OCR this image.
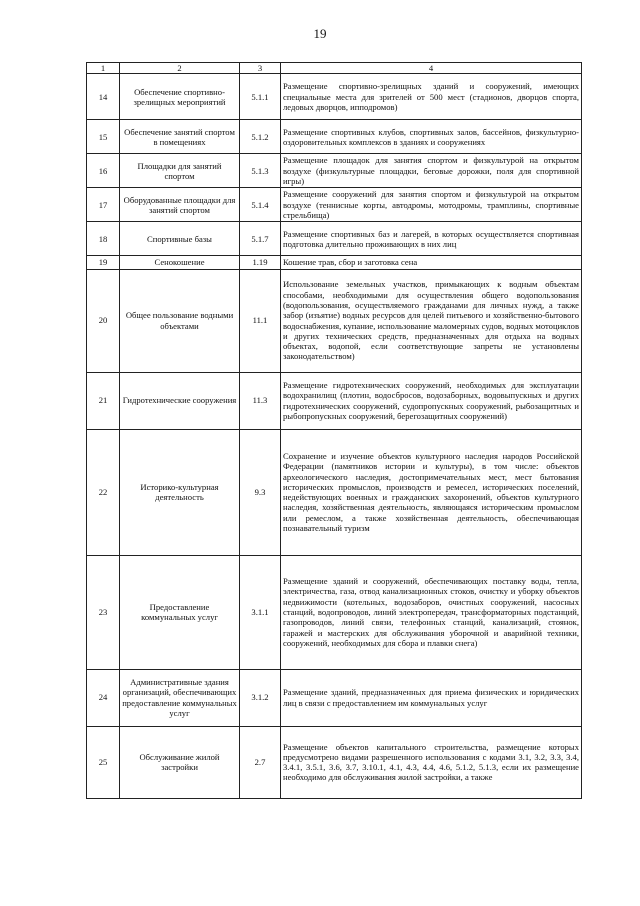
19
1	2	3	4
14	Обеспечение спортивно-зрелищных мероприятий	5.1.1	Размещение спортивно-зрелищных зданий и сооружений, имеющих специальные места для зрителей от 500 мест (стадионов, дворцов спорта, ледовых дворцов, ипподромов)
15	Обеспечение занятий спортом в помещениях	5.1.2	Размещение спортивных клубов, спортивных залов, бассейнов, физкультурно-оздоровительных комплексов в зданиях и сооружениях
16	Площадки для занятий спортом	5.1.3	Размещение площадок для занятия спортом и физкультурой на открытом воздухе (физкультурные площадки, беговые дорожки, поля для спортивной игры)
17	Оборудованные площадки для занятий спортом	5.1.4	Размещение сооружений для занятия спортом и физкультурой на открытом воздухе (теннисные корты, автодромы, мотодромы, трамплины, спортивные стрельбища)
18	Спортивные базы	5.1.7	Размещение спортивных баз и лагерей, в которых осуществляется спортивная подготовка длительно проживающих в них лиц
19	Сенокошение	1.19	Кошение трав, сбор и заготовка сена
20	Общее пользование водными объектами	11.1	Использование земельных участков, примыкающих к водным объектам способами, необходимыми для осуществления общего водопользования (водопользования, осуществляемого гражданами для личных нужд, а также забор (изъятие) водных ресурсов для целей питьевого и хозяйственно-бытового водоснабжения, купание, использование маломерных судов, водных мотоциклов и других технических средств, предназначенных для отдыха на водных объектах, водопой, если соответствующие запреты не установлены законодательством)
21	Гидротехнические сооружения	11.3	Размещение гидротехнических сооружений, необходимых для эксплуатации водохранилищ (плотин, водосбросов, водозаборных, водовыпускных и других гидротехнических сооружений, судопропускных сооружений, рыбозащитных и рыбопропускных сооружений, берегозащитных сооружений)
22	Историко-культурная деятельность	9.3	Сохранение и изучение объектов культурного наследия народов Российской Федерации (памятников истории и культуры), в том числе: объектов археологического наследия, достопримечательных мест, мест бытования исторических промыслов, производств и ремесел, исторических поселений, недействующих военных и гражданских захоронений, объектов культурного наследия, хозяйственная деятельность, являющаяся историческим промыслом или ремеслом, а также хозяйственная деятельность, обеспечивающая познавательный туризм
23	Предоставление коммунальных услуг	3.1.1	Размещение зданий и сооружений, обеспечивающих поставку воды, тепла, электричества, газа, отвод канализационных стоков, очистку и уборку объектов недвижимости (котельных, водозаборов, очистных сооружений, насосных станций, водопроводов, линий электропередач, трансформаторных подстанций, газопроводов, линий связи, телефонных станций, канализаций, стоянок, гаражей и мастерских для обслуживания уборочной и аварийной техники, сооружений, необходимых для сбора и плавки снега)
24	Административные здания организаций, обеспечивающих предоставление коммунальных услуг	3.1.2	Размещение зданий, предназначенных для приема физических и юридических лиц в связи с предоставлением им коммунальных услуг
25	Обслуживание жилой застройки	2.7	Размещение объектов капитального строительства, размещение которых предусмотрено видами разрешенного использования с кодами 3.1, 3.2, 3.3, 3.4, 3.4.1, 3.5.1, 3.6, 3.7, 3.10.1, 4.1, 4.3, 4.4, 4.6, 5.1.2, 5.1.3, если их размещение необходимо для обслуживания жилой застройки, а также
